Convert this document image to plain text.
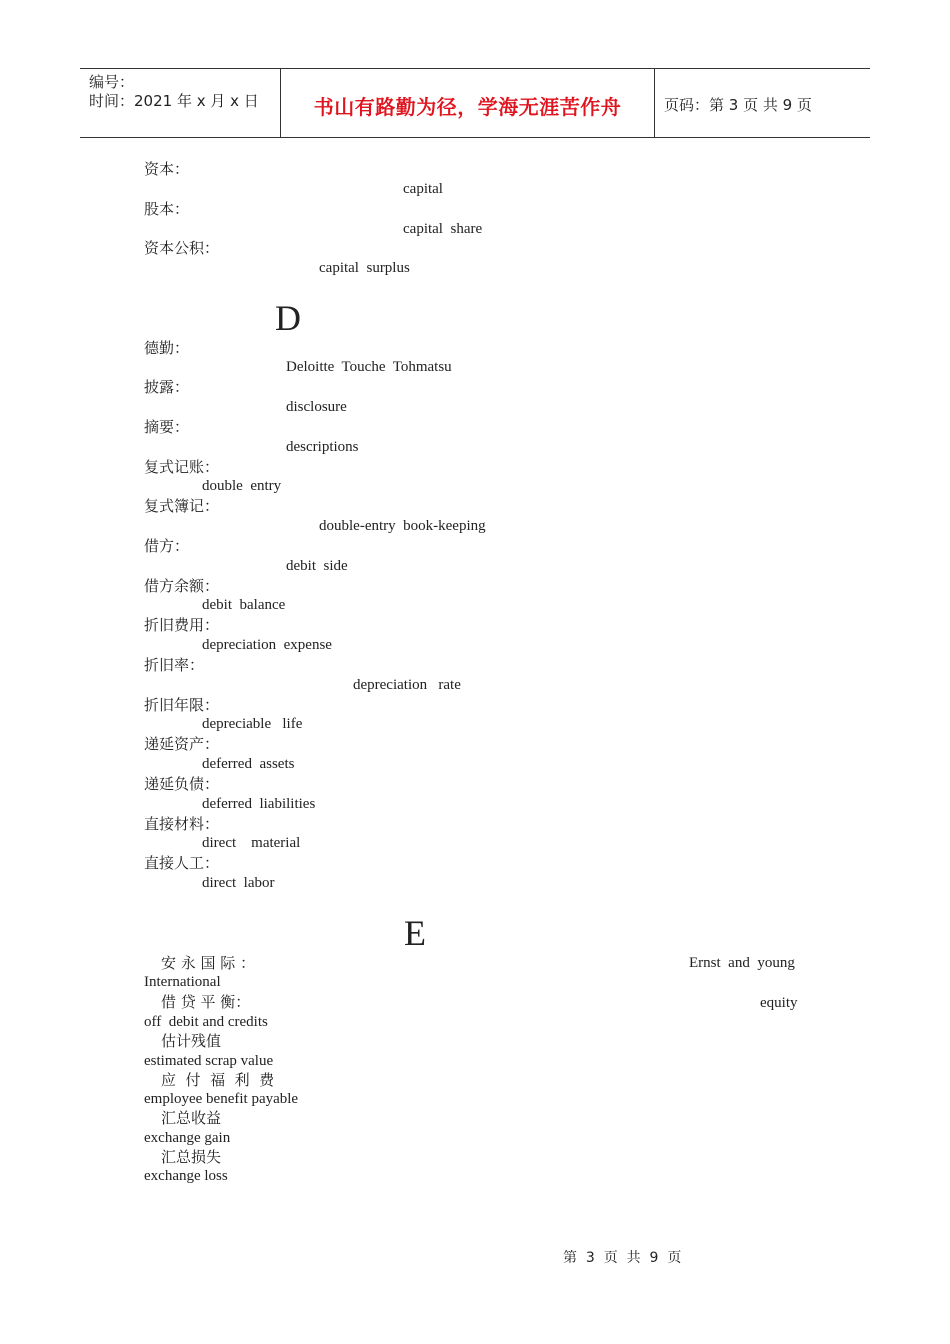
编号：
时间：2021 年 x 月 x 日	书山有路勤为径，学海无涯苦作舟	页码：第 3 页 共 9 页
资本：
capital
股本：
capital  share
资本公积：
capital  surplus
D
德勤：
Deloitte  Touche  Tohmatsu
披露：
disclosure
摘要：
descriptions
复式记账：
double  entry
复式簿记：
double-entry  book-keeping
借方：
debit  side
借方余额：
debit  balance
折旧费用：
depreciation  expense
折旧率：
depreciation   rate
折旧年限：
depreciable   life
递延资产：
deferred  assets
递延负债：
deferred  liabilities
直接材料：
direct    material
直接人工：
direct  labor
E
安 永 国 际 ：	Ernst  and  young
International
借 贷 平 衡：	equity
off  debit and credits
估计残值
estimated scrap value
应  付  福  利  费
employee benefit payable
汇总收益
exchange gain
汇总损失
exchange loss
第  3  页  共  9  页
